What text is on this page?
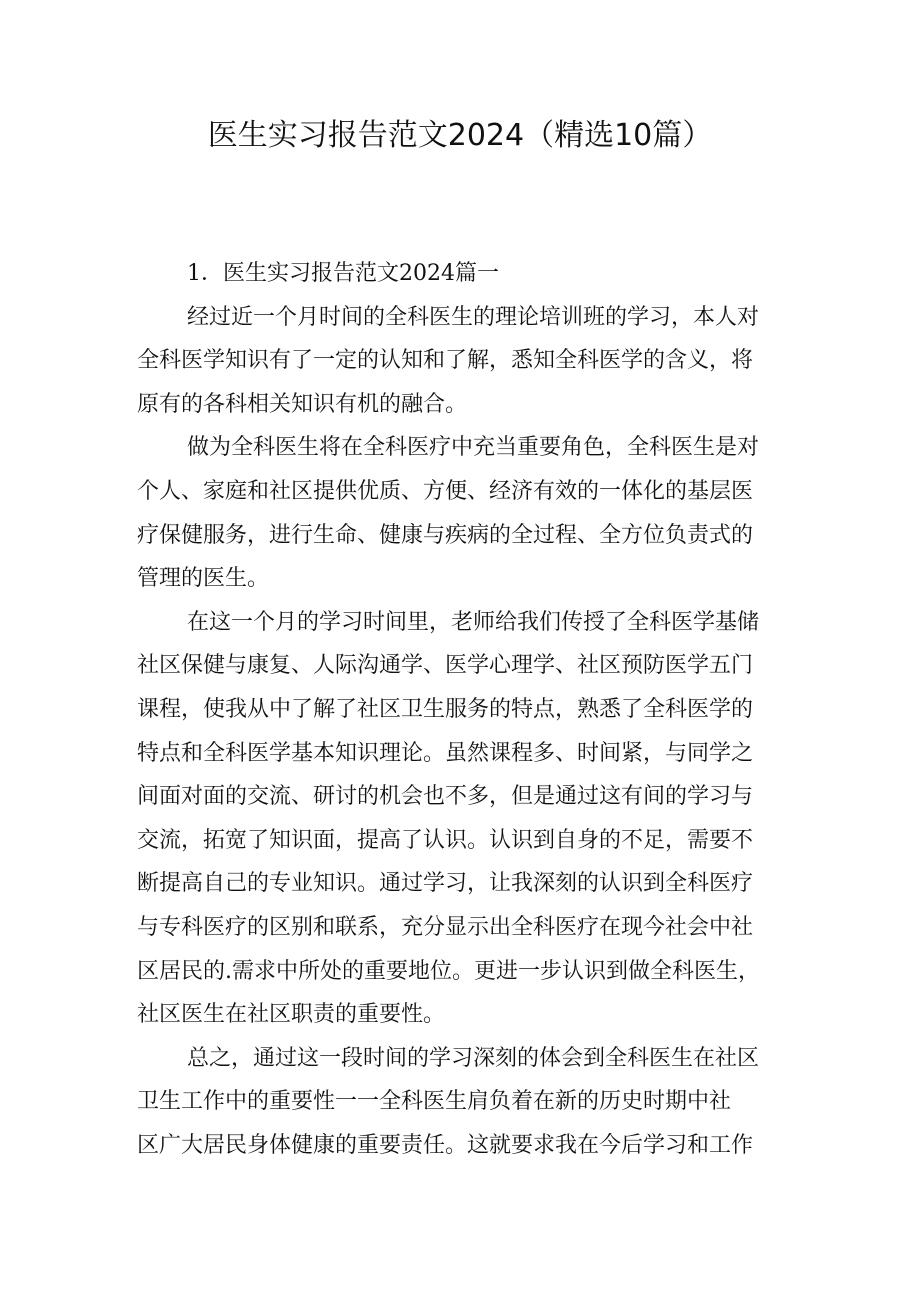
医生实习报告范文2024（精选10篇）

1．医生实习报告范文2024篇一

经过近一个月时间的全科医生的理论培训班的学习，本人对
全科医学知识有了一定的认知和了解，悉知全科医学的含义，将
原有的各科相关知识有机的融合。

做为全科医生将在全科医疗中充当重要角色，全科医生是对
个人、家庭和社区提供优质、方便、经济有效的一体化的基层医
疗保健服务，进行生命、健康与疾病的全过程、全方位负责式的
管理的医生。

在这一个月的学习时间里，老师给我们传授了全科医学基储
社区保健与康复、人际沟通学、医学心理学、社区预防医学五门
课程，使我从中了解了社区卫生服务的特点，熟悉了全科医学的
特点和全科医学基本知识理论。虽然课程多、时间紧，与同学之
间面对面的交流、研讨的机会也不多，但是通过这有间的学习与
交流，拓宽了知识面，提高了认识。认识到自身的不足，需要不
断提高自己的专业知识。通过学习，让我深刻的认识到全科医疗
与专科医疗的区别和联系，充分显示出全科医疗在现今社会中社
区居民的.需求中所处的重要地位。更进一步认识到做全科医生，
社区医生在社区职责的重要性。

总之，通过这一段时间的学习深刻的体会到全科医生在社区
卫生工作中的重要性一一全科医生肩负着在新的历史时期中社
区广大居民身体健康的重要责任。这就要求我在今后学习和工作
